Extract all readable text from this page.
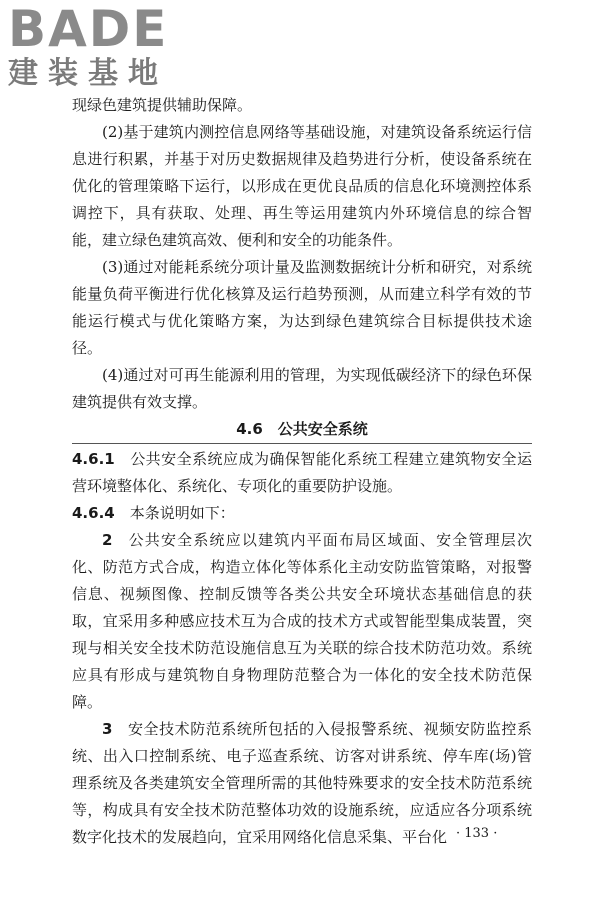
BADE
建装基地

现绿色建筑提供辅助保障。

(2)基于建筑内测控信息网络等基础设施，对建筑设备系统运行信息进行积累，并基于对历史数据规律及趋势进行分析，使设备系统在优化的管理策略下运行，以形成在更优良品质的信息化环境测控体系调控下，具有获取、处理、再生等运用建筑内外环境信息的综合智能，建立绿色建筑高效、便利和安全的功能条件。

(3)通过对能耗系统分项计量及监测数据统计分析和研究，对系统能量负荷平衡进行优化核算及运行趋势预测，从而建立科学有效的节能运行模式与优化策略方案，为达到绿色建筑综合目标提供技术途径。

(4)通过对可再生能源利用的管理，为实现低碳经济下的绿色环保建筑提供有效支撑。

4.6  公共安全系统

4.6.1  公共安全系统应成为确保智能化系统工程建立建筑物安全运营环境整体化、系统化、专项化的重要防护设施。

4.6.4  本条说明如下：

2  公共安全系统应以建筑内平面布局区域面、安全管理层次化、防范方式合成，构造立体化等体系化主动安防监管策略，对报警信息、视频图像、控制反馈等各类公共安全环境状态基础信息的获取，宜采用多种感应技术互为合成的技术方式或智能型集成装置，突现与相关安全技术防范设施信息互为关联的综合技术防范功效。系统应具有形成与建筑物自身物理防范整合为一体化的安全技术防范保障。

3  安全技术防范系统所包括的入侵报警系统、视频安防监控系统、出入口控制系统、电子巡查系统、访客对讲系统、停车库(场)管理系统及各类建筑安全管理所需的其他特殊要求的安全技术防范系统等，构成具有安全技术防范整体功效的设施系统，应适应各分项系统数字化技术的发展趋向，宜采用网络化信息采集、平台化 · 133 ·
